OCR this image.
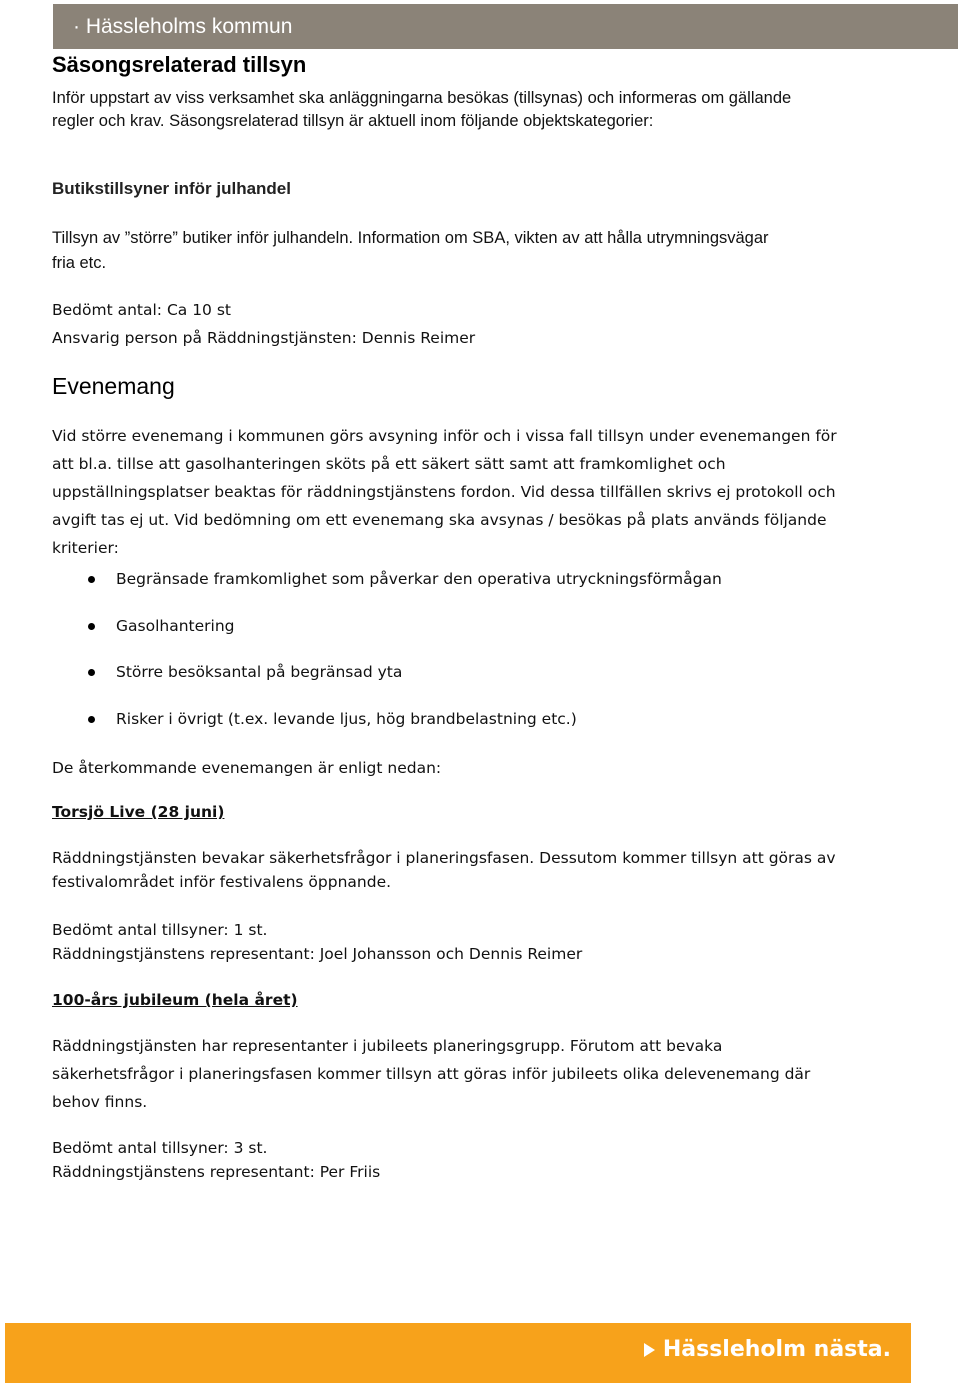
· Hässleholms kommun
Säsongsrelaterad tillsyn
Inför uppstart av viss verksamhet ska anläggningarna besökas (tillsynas) och informeras om gällande
regler och krav. Säsongsrelaterad tillsyn är aktuell inom följande objektskategorier:
Butikstillsyner inför julhandel
Tillsyn av ”större” butiker inför julhandeln. Information om SBA, vikten av att hålla utrymningsvägar
fria etc.
Bedömt antal: Ca 10 st
Ansvarig person på Räddningstjänsten: Dennis Reimer
Evenemang
Vid större evenemang i kommunen görs avsyning inför och i vissa fall tillsyn under evenemangen för
att bl.a. tillse att gasolhanteringen sköts på ett säkert sätt samt att framkomlighet och
uppställningsplatser beaktas för räddningstjänstens fordon. Vid dessa tillfällen skrivs ej protokoll och
avgift tas ej ut. Vid bedömning om ett evenemang ska avsynas / besökas på plats används följande
kriterier:
Begränsade framkomlighet som påverkar den operativa utryckningsförmågan
Gasolhantering
Större besöksantal på begränsad yta
Risker i övrigt (t.ex. levande ljus, hög brandbelastning etc.)
De återkommande evenemangen är enligt nedan:
Torsjö Live (28 juni)
Räddningstjänsten bevakar säkerhetsfrågor i planeringsfasen. Dessutom kommer tillsyn att göras av
festivalområdet inför festivalens öppnande.
Bedömt antal tillsyner: 1 st.
Räddningstjänstens representant: Joel Johansson och Dennis Reimer
100-års jubileum (hela året)
Räddningstjänsten har representanter i jubileets planeringsgrupp. Förutom att bevaka
säkerhetsfrågor i planeringsfasen kommer tillsyn att göras inför jubileets olika delevenemang där
behov finns.
Bedömt antal tillsyner: 3 st.
Räddningstjänstens representant: Per Friis
Hässleholm nästa.
